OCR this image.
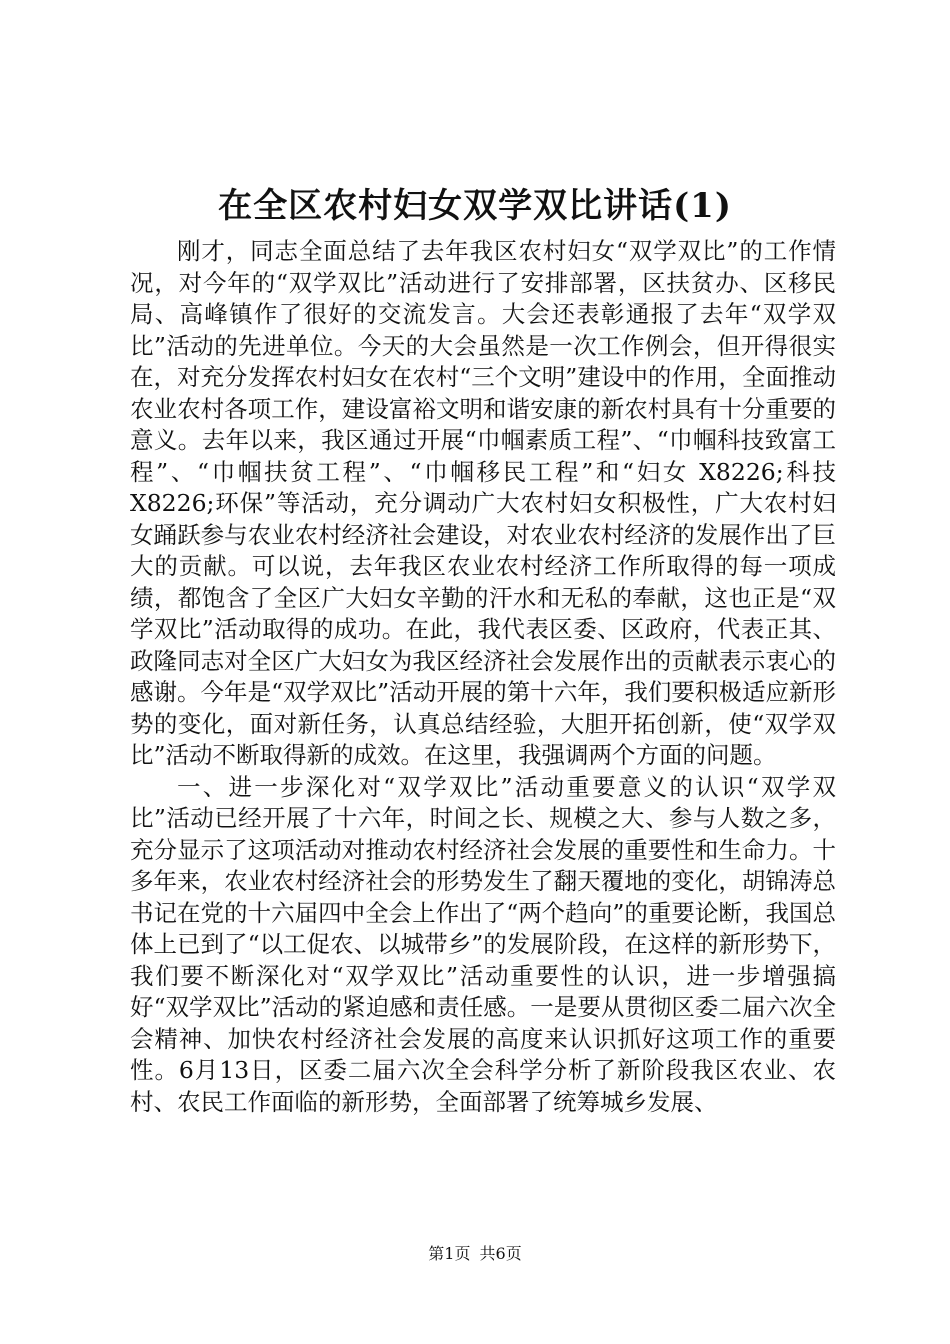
在全区农村妇女双学双比讲话(1)

刚才，同志全面总结了去年我区农村妇女“双学双比”的工作情况，对今年的“双学双比”活动进行了安排部署，区扶贫办、区移民局、高峰镇作了很好的交流发言。大会还表彰通报了去年“双学双比”活动的先进单位。今天的大会虽然是一次工作例会，但开得很实在，对充分发挥农村妇女在农村“三个文明”建设中的作用，全面推动农业农村各项工作，建设富裕文明和谐安康的新农村具有十分重要的意义。去年以来，我区通过开展“巾帼素质工程”、“巾帼科技致富工程”、“巾帼扶贫工程”、“巾帼移民工程”和“妇女 X8226;科技 X8226;环保”等活动，充分调动广大农村妇女积极性，广大农村妇女踊跃参与农业农村经济社会建设，对农业农村经济的发展作出了巨大的贡献。可以说，去年我区农业农村经济工作所取得的每一项成绩，都饱含了全区广大妇女辛勤的汗水和无私的奉献，这也正是“双学双比”活动取得的成功。在此，我代表区委、区政府，代表正其、政隆同志对全区广大妇女为我区经济社会发展作出的贡献表示衷心的感谢。今年是“双学双比”活动开展的第十六年，我们要积极适应新形势的变化，面对新任务，认真总结经验，大胆开拓创新，使“双学双比”活动不断取得新的成效。在这里，我强调两个方面的问题。

一、进一步深化对“双学双比”活动重要意义的认识“双学双比”活动已经开展了十六年，时间之长、规模之大、参与人数之多，充分显示了这项活动对推动农村经济社会发展的重要性和生命力。十多年来，农业农村经济社会的形势发生了翻天覆地的变化，胡锦涛总书记在党的十六届四中全会上作出了“两个趋向”的重要论断，我国总体上已到了“以工促农、以城带乡”的发展阶段，在这样的新形势下，我们要不断深化对“双学双比”活动重要性的认识，进一步增强搞好“双学双比”活动的紧迫感和责任感。一是要从贯彻区委二届六次全会精神、加快农村经济社会发展的高度来认识抓好这项工作的重要性。6月13日，区委二届六次全会科学分析了新阶段我区农业、农村、农民工作面临的新形势，全面部署了统筹城乡发展、

第1页 共6页
